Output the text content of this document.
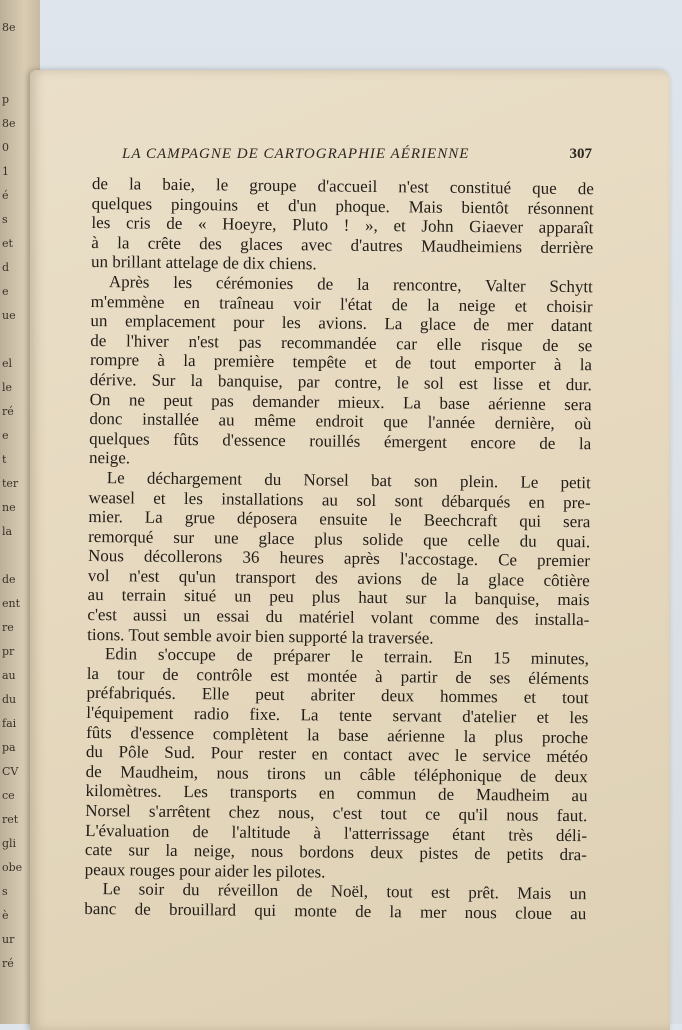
8e
p
8e
0
1
é
s
et
d
e
ue
el
le
ré
e
t
ter
ne
la
de
ent
re
pr
au
du
fai
pa
CV
ce
ret
gli
obe
s
è
ur
ré
LA CAMPAGNE DE CARTOGRAPHIE AÉRIENNE	307
de la baie, le groupe d'accueil n'est constitué que de
quelques pingouins et d'un phoque. Mais bientôt résonnent
les cris de « Hoeyre, Pluto ! », et John Giaever apparaît
à la crête des glaces avec d'autres Maudheimiens derrière
un brillant attelage de dix chiens.
Après les cérémonies de la rencontre, Valter Schytt
m'emmène en traîneau voir l'état de la neige et choisir
un emplacement pour les avions. La glace de mer datant
de l'hiver n'est pas recommandée car elle risque de se
rompre à la première tempête et de tout emporter à la
dérive. Sur la banquise, par contre, le sol est lisse et dur.
On ne peut pas demander mieux. La base aérienne sera
donc installée au même endroit que l'année dernière, où
quelques fûts d'essence rouillés émergent encore de la
neige.
Le déchargement du Norsel bat son plein. Le petit
weasel et les installations au sol sont débarqués en pre-
mier. La grue déposera ensuite le Beechcraft qui sera
remorqué sur une glace plus solide que celle du quai.
Nous décollerons 36 heures après l'accostage. Ce premier
vol n'est qu'un transport des avions de la glace côtière
au terrain situé un peu plus haut sur la banquise, mais
c'est aussi un essai du matériel volant comme des installa-
tions. Tout semble avoir bien supporté la traversée.
Edin s'occupe de préparer le terrain. En 15 minutes,
la tour de contrôle est montée à partir de ses éléments
préfabriqués. Elle peut abriter deux hommes et tout
l'équipement radio fixe. La tente servant d'atelier et les
fûts d'essence complètent la base aérienne la plus proche
du Pôle Sud. Pour rester en contact avec le service météo
de Maudheim, nous tirons un câble téléphonique de deux
kilomètres. Les transports en commun de Maudheim au
Norsel s'arrêtent chez nous, c'est tout ce qu'il nous faut.
L'évaluation de l'altitude à l'atterrissage étant très déli-
cate sur la neige, nous bordons deux pistes de petits dra-
peaux rouges pour aider les pilotes.
Le soir du réveillon de Noël, tout est prêt. Mais un
banc de brouillard qui monte de la mer nous cloue au
